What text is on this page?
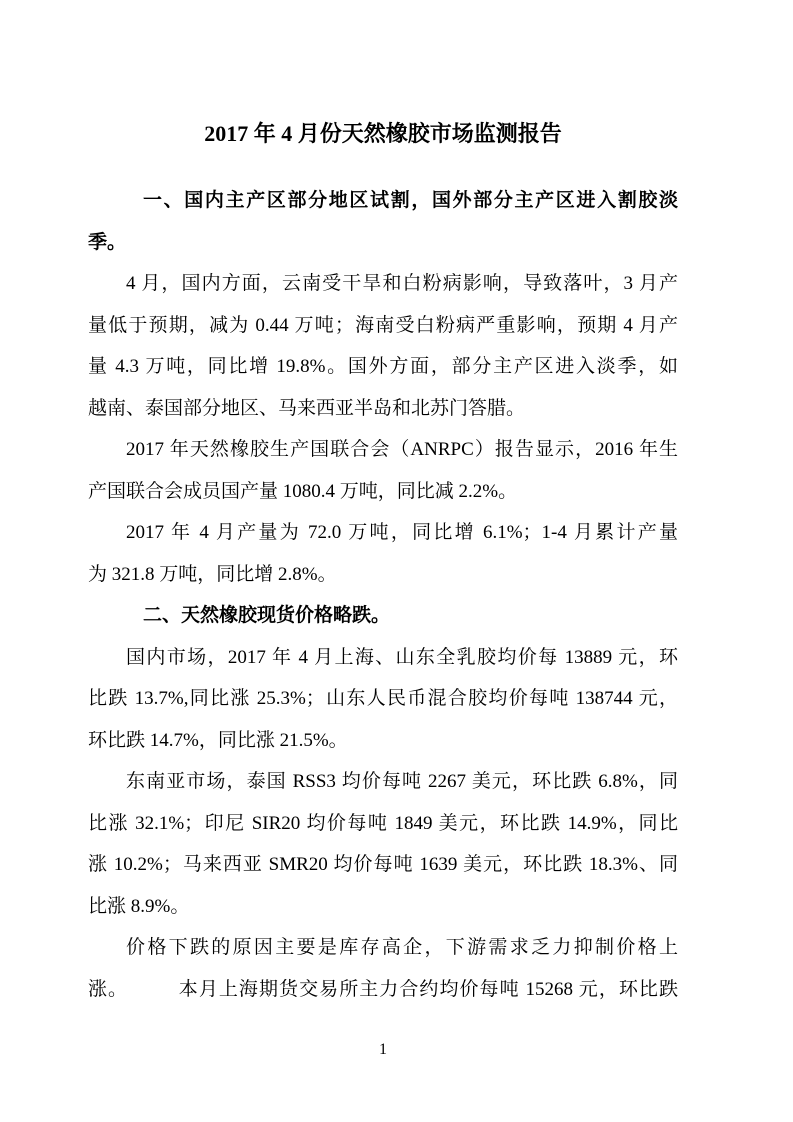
2017 年 4 月份天然橡胶市场监测报告
一、国内主产区部分地区试割，国外部分主产区进入割胶淡
季。
4 月，国内方面，云南受干旱和白粉病影响，导致落叶，3 月产
量低于预期，减为 0.44 万吨；海南受白粉病严重影响，预期 4 月产
量 4.3 万吨，同比增 19.8%。国外方面，部分主产区进入淡季，如
越南、泰国部分地区、马来西亚半岛和北苏门答腊。
2017 年天然橡胶生产国联合会（ANRPC）报告显示，2016 年生
产国联合会成员国产量 1080.4 万吨，同比减 2.2%。
2017 年 4 月产量为 72.0 万吨，同比增 6.1%；1-4 月累计产量
为 321.8 万吨，同比增 2.8%。
二、天然橡胶现货价格略跌。
国内市场，2017 年 4 月上海、山东全乳胶均价每 13889 元，环
比跌 13.7%,同比涨 25.3%；山东人民币混合胶均价每吨 138744 元，
环比跌 14.7%，同比涨 21.5%。
东南亚市场，泰国 RSS3 均价每吨 2267 美元，环比跌 6.8%，同
比涨 32.1%；印尼 SIR20 均价每吨 1849 美元，环比跌 14.9%，同比
涨 10.2%；马来西亚 SMR20 均价每吨 1639 美元，环比跌 18.3%、同
比涨 8.9%。
价格下跌的原因主要是库存高企，下游需求乏力抑制价格上
涨。　　　本月上海期货交易所主力合约均价每吨 15268 元，环比跌
1
